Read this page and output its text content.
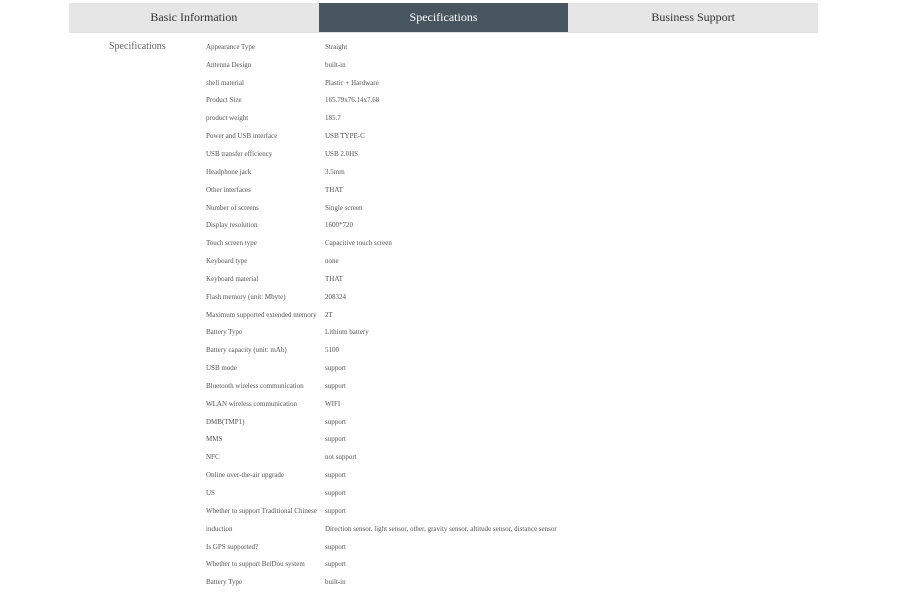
Basic Information	Specifications	Business Support
Specifications	Appearance Type	Straight
Antenna Design	built-in
shell material	Plastic + Hardware
Product Size	165.79x76.14x7.68
product weight	185.7
Power and USB interface	USB TYPE-C
USB transfer efficiency	USB 2.0HS
Headphone jack	3.5mm
Other interfaces	THAT
Number of screens	Single screen
Display resolution	1600*720
Touch screen type	Capacitive touch screen
Keyboard type	none
Keyboard material	THAT
Flash memory (unit: Mbyte)	208324
Maximum supported extended memory	2T
Battery Type	Lithium battery
Battery capacity (unit: mAh)	5100
USB mode	support
Bluetooth wireless communication	support
WLAN wireless communication	WIFI
DMB(TMP1)	support
MMS	support
NFC	not support
Online over-the-air upgrade	support
US	support
Whether to support Traditional Chinese	support
induction	Direction sensor, light sensor, other, gravity sensor, altitude sensor, distance sensor
Is GPS supported?	support
Whether to support BeiDou system	support
Battery Type	built-in
